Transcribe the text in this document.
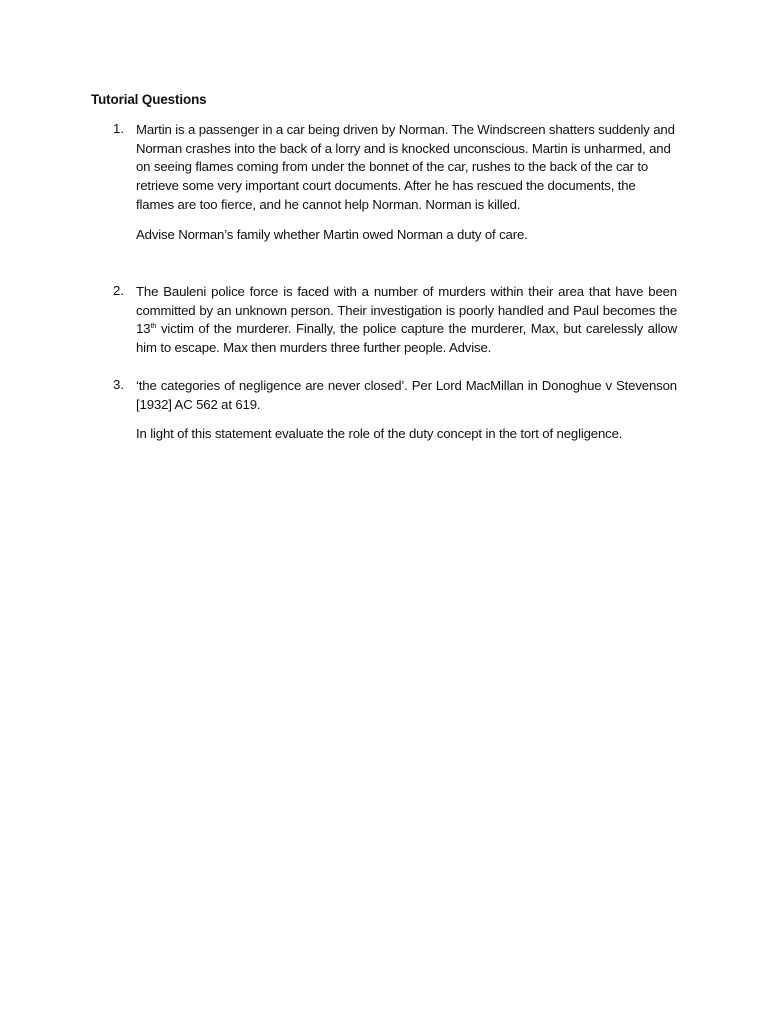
Tutorial Questions
1. Martin is a passenger in a car being driven by Norman. The Windscreen shatters suddenly and Norman crashes into the back of a lorry and is knocked unconscious. Martin is unharmed, and on seeing flames coming from under the bonnet of the car, rushes to the back of the car to retrieve some very important court documents. After he has rescued the documents, the flames are too fierce, and he cannot help Norman. Norman is killed.
Advise Norman’s family whether Martin owed Norman a duty of care.
2. The Bauleni police force is faced with a number of murders within their area that have been committed by an unknown person. Their investigation is poorly handled and Paul becomes the 13th victim of the murderer. Finally, the police capture the murderer, Max, but carelessly allow him to escape. Max then murders three further people. Advise.
3. ‘the categories of negligence are never closed’. Per Lord MacMillan in Donoghue v Stevenson [1932] AC 562 at 619.
In light of this statement evaluate the role of the duty concept in the tort of negligence.
